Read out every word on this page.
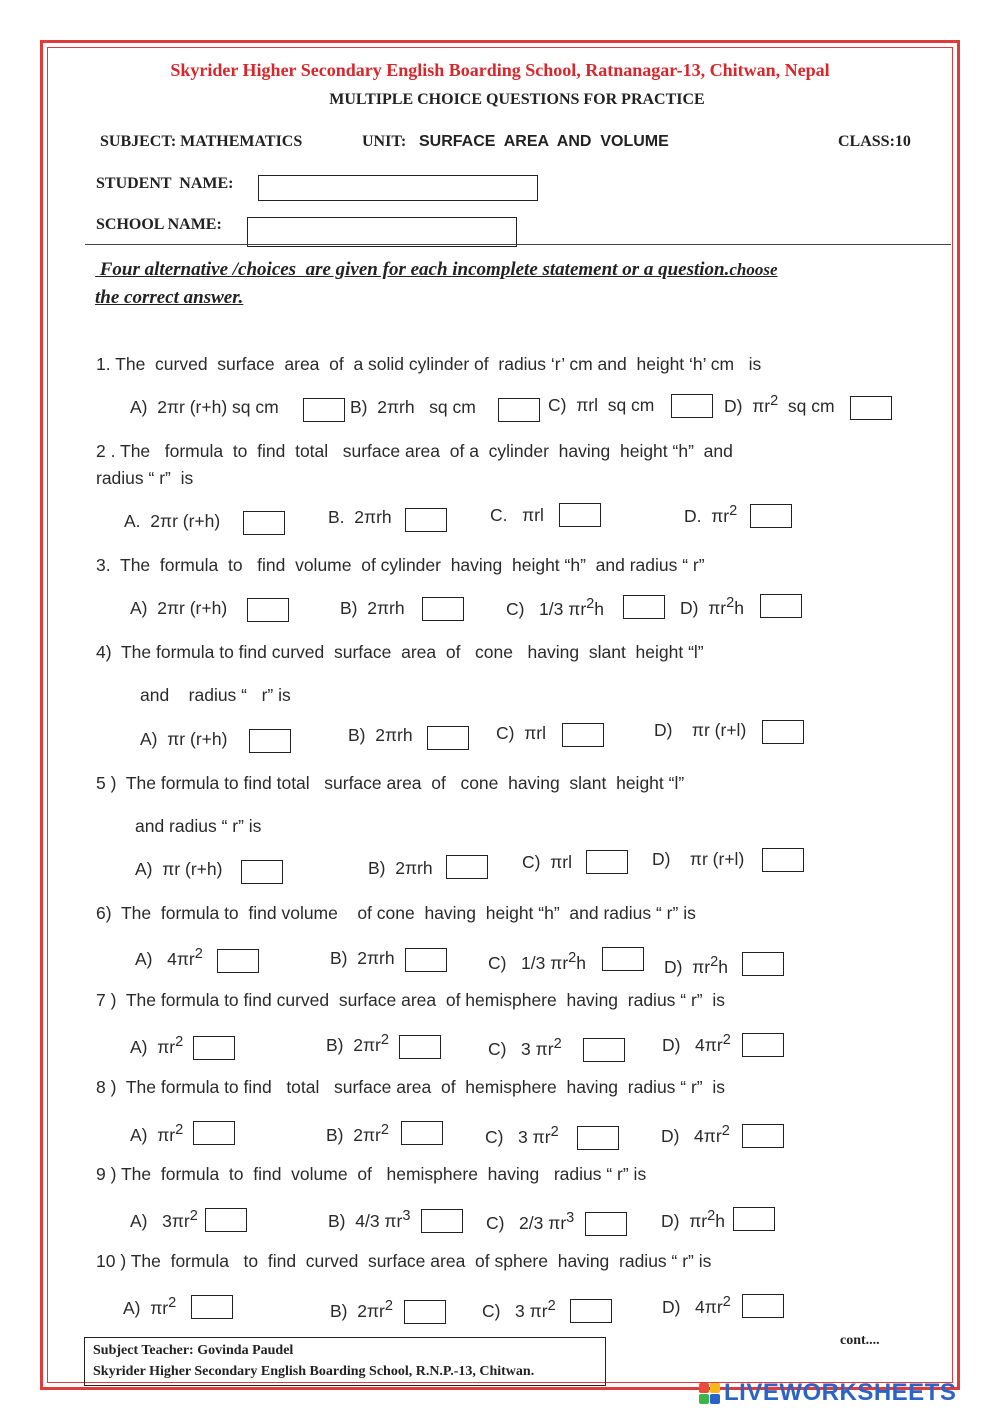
Skyrider Higher Secondary English Boarding School, Ratnanagar-13, Chitwan, Nepal
MULTIPLE CHOICE QUESTIONS FOR PRACTICE
SUBJECT: MATHEMATICS	UNIT: SURFACE  AREA  AND  VOLUME	CLASS:10
STUDENT  NAME:
SCHOOL NAME:
Four alternative /choices  are given for each incomplete statement or a question.choose
the correct answer.
1. The  curved  surface  area  of  a solid cylinder of  radius ‘r’ cm and  height ‘h’ cm   is
A)  2πr (r+h) sq cm	B)  2πrh   sq cm	C)  πrl  sq cm	D)  $\pi r^2$  sq cm
2 . The   formula  to  find  total   surface area  of a  cylinder  having  height “h”  and
radius “ r”  is
A.  2πr (r+h)	B.  2πrh	C.   πrl	D.  $\pi r^2$
3.  The  formula  to   find  volume  of cylinder  having  height “h”  and radius “ r”
A)  2πr (r+h)	B)  2πrh	C)   1/3 $\pi r^2h$	D)  $\pi r^2h$
4)  The formula to find curved  surface  area  of   cone   having  slant  height “l”
and    radius “   r” is
A)  πr (r+h)	B)  2πrh	C)  πrl	D)    πr (r+l)
5 )  The formula to find total   surface area  of   cone  having  slant  height “l”
and radius “ r” is
A)  πr (r+h)	B)  2πrh	C)  πrl	D)    πr (r+l)
6)  The  formula to  find volume    of cone  having  height “h”  and radius “ r” is
A)   $4\pi r^2$	B)  2πrh	C)   1/3 $\pi r^2h$	D)  $\pi r^2h$
7 )  The formula to find curved  surface area  of hemisphere  having  radius “ r”  is
A)  $\pi r^2$	B)  $2\pi r^2$	C)   3 $\pi r^2$	D)   $4\pi r^2$
8 )  The formula to find   total   surface area  of  hemisphere  having  radius “ r”  is
A)  $\pi r^2$	B)  $2\pi r^2$	C)   3 $\pi r^2$	D)   $4\pi r^2$
9 ) The  formula  to  find  volume  of   hemisphere  having   radius “ r” is
A)   $3\pi r^2$	B)  4/3 $\pi r^3$	C)   2/3 $\pi r^3$	D)  $\pi r^2h$
10 ) The  formula   to  find  curved  surface area  of sphere  having  radius “ r” is
A)  $\pi r^2$	B)  $2\pi r^2$	C)   3 $\pi r^2$	D)   $4\pi r^2$
Subject Teacher: Govinda Paudel
Skyrider Higher Secondary English Boarding School, R.N.P.-13, Chitwan.
cont....
LIVEWORKSHEETS
